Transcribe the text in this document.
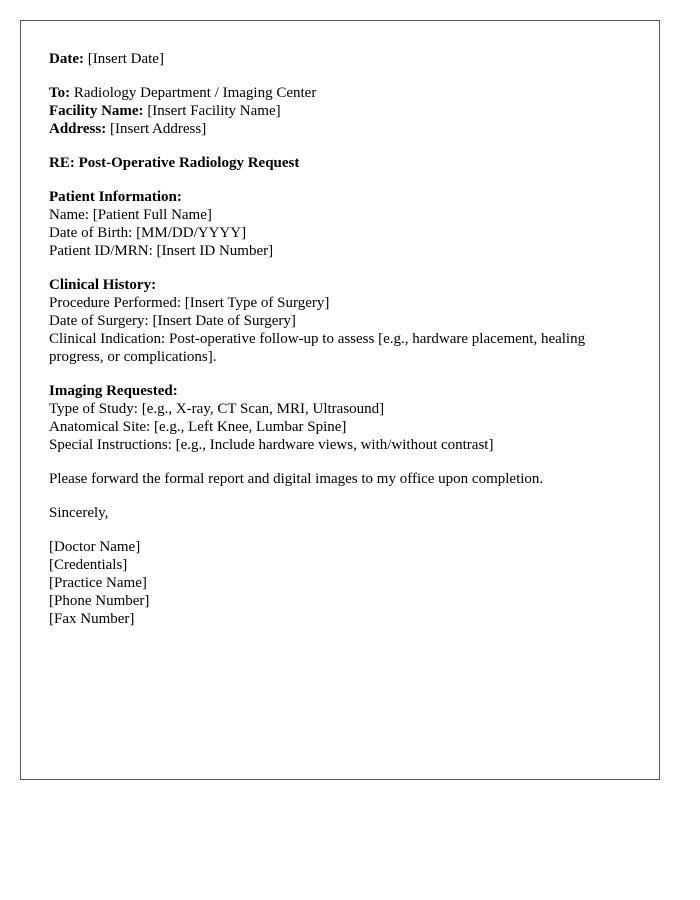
Date: [Insert Date]
To: Radiology Department / Imaging Center
Facility Name: [Insert Facility Name]
Address: [Insert Address]
RE: Post-Operative Radiology Request
Patient Information:
Name: [Patient Full Name]
Date of Birth: [MM/DD/YYYY]
Patient ID/MRN: [Insert ID Number]
Clinical History:
Procedure Performed: [Insert Type of Surgery]
Date of Surgery: [Insert Date of Surgery]
Clinical Indication: Post-operative follow-up to assess [e.g., hardware placement, healing progress, or complications].
Imaging Requested:
Type of Study: [e.g., X-ray, CT Scan, MRI, Ultrasound]
Anatomical Site: [e.g., Left Knee, Lumbar Spine]
Special Instructions: [e.g., Include hardware views, with/without contrast]
Please forward the formal report and digital images to my office upon completion.
Sincerely,
[Doctor Name]
[Credentials]
[Practice Name]
[Phone Number]
[Fax Number]
